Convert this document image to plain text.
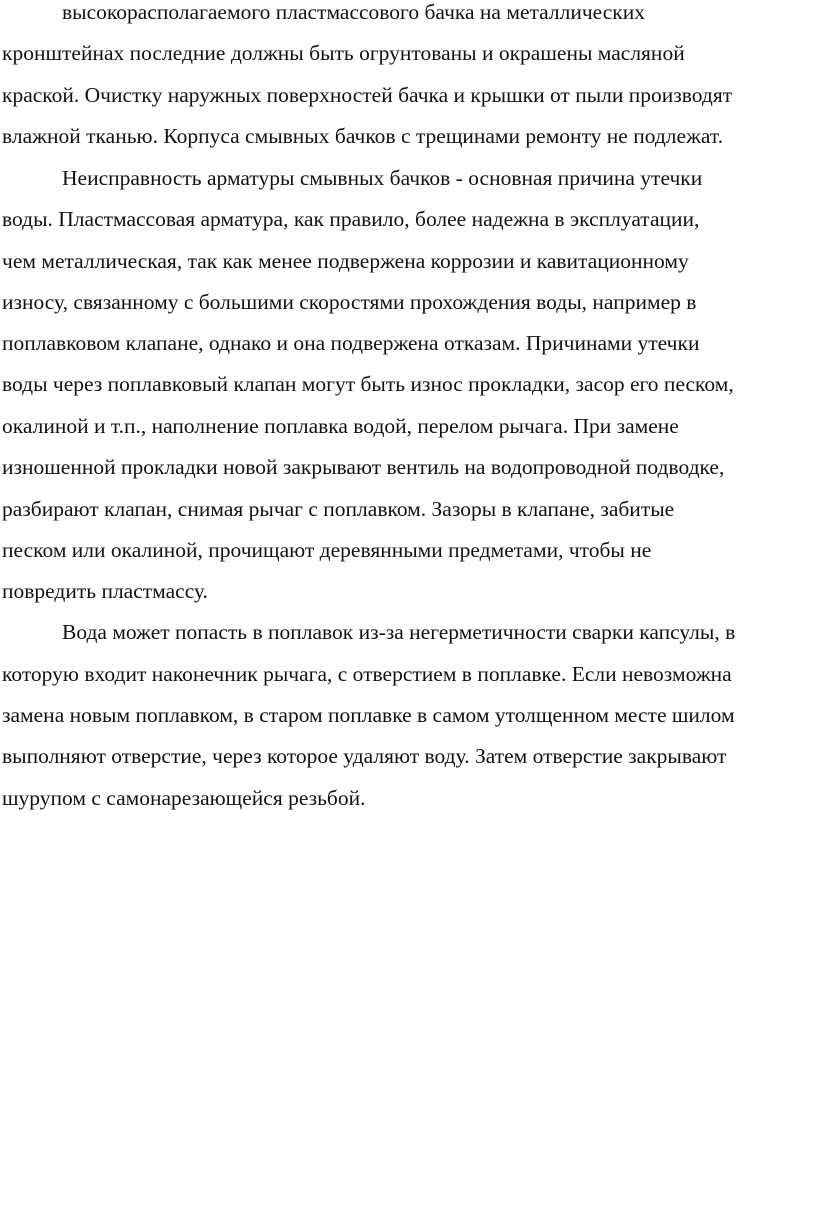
высокорасполагаемого пластмассового бачка на металлических
кронштейнах последние должны быть огрунтованы и окрашены масляной
краской. Очистку наружных поверхностей бачка и крышки от пыли производят
влажной тканью. Корпуса смывных бачков с трещинами ремонту не подлежат.
Неисправность арматуры смывных бачков - основная причина утечки
воды. Пластмассовая арматура, как правило, более надежна в эксплуатации,
чем металлическая, так как менее подвержена коррозии и кавитационному
износу, связанному с большими скоростями прохождения воды, например в
поплавковом клапане, однако и она подвержена отказам. Причинами утечки
воды через поплавковый клапан могут быть износ прокладки, засор его песком,
окалиной и т.п., наполнение поплавка водой, перелом рычага. При замене
изношенной прокладки новой закрывают вентиль на водопроводной подводке,
разбирают клапан, снимая рычаг с поплавком. Зазоры в клапане, забитые
песком или окалиной, прочищают деревянными предметами, чтобы не
повредить пластмассу.
Вода может попасть в поплавок из-за негерметичности сварки капсулы, в
которую входит наконечник рычага, с отверстием в поплавке. Если невозможна
замена новым поплавком, в старом поплавке в самом утолщенном месте шилом
выполняют отверстие, через которое удаляют воду. Затем отверстие закрывают
шурупом с самонарезающейся резьбой.
